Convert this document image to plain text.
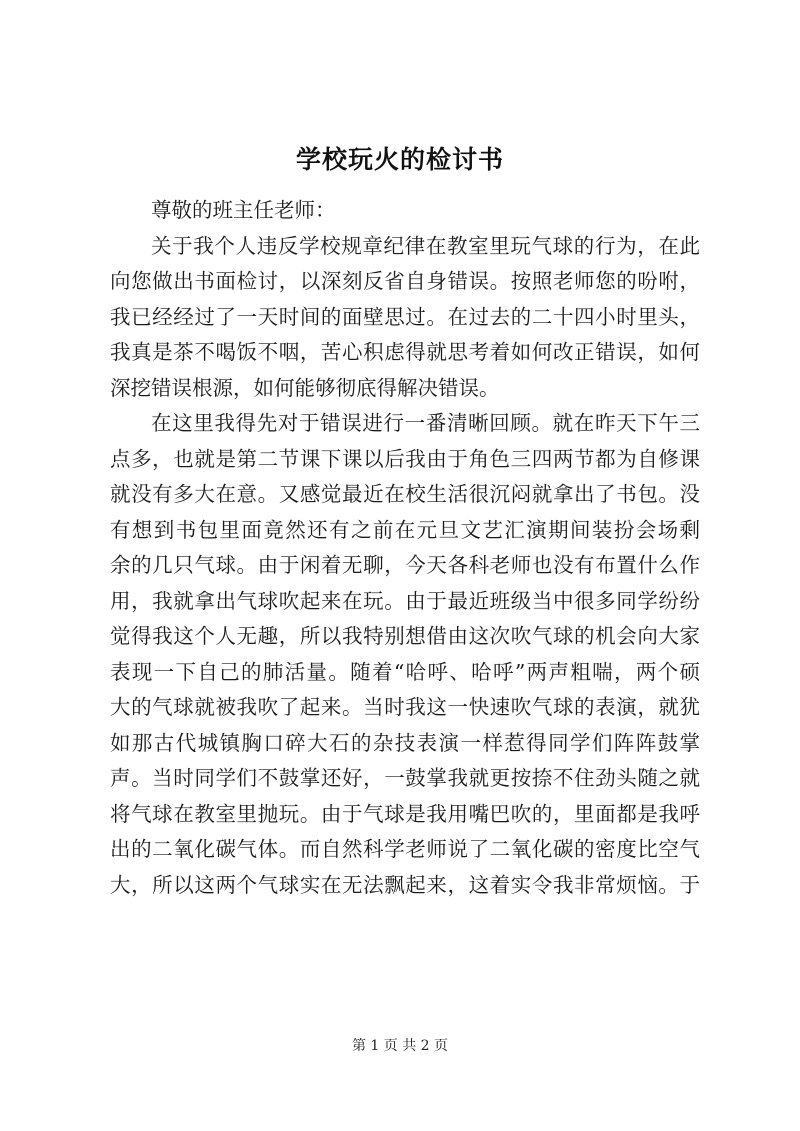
学校玩火的检讨书
尊敬的班主任老师：
关于我个人违反学校规章纪律在教室里玩气球的行为，在此
向您做出书面检讨，以深刻反省自身错误。按照老师您的吩咐，
我已经经过了一天时间的面壁思过。在过去的二十四小时里头，
我真是茶不喝饭不咽，苦心积虑得就思考着如何改正错误，如何
深挖错误根源，如何能够彻底得解决错误。
在这里我得先对于错误进行一番清晰回顾。就在昨天下午三
点多，也就是第二节课下课以后我由于角色三四两节都为自修课
就没有多大在意。又感觉最近在校生活很沉闷就拿出了书包。没
有想到书包里面竟然还有之前在元旦文艺汇演期间装扮会场剩
余的几只气球。由于闲着无聊，今天各科老师也没有布置什么作
用，我就拿出气球吹起来在玩。由于最近班级当中很多同学纷纷
觉得我这个人无趣，所以我特别想借由这次吹气球的机会向大家
表现一下自己的肺活量。随着“哈呼、哈呼”两声粗喘，两个硕
大的气球就被我吹了起来。当时我这一快速吹气球的表演，就犹
如那古代城镇胸口碎大石的杂技表演一样惹得同学们阵阵鼓掌
声。当时同学们不鼓掌还好，一鼓掌我就更按捺不住劲头随之就
将气球在教室里抛玩。由于气球是我用嘴巴吹的，里面都是我呼
出的二氧化碳气体。而自然科学老师说了二氧化碳的密度比空气
大，所以这两个气球实在无法飘起来，这着实令我非常烦恼。于
第 1 页 共 2 页
